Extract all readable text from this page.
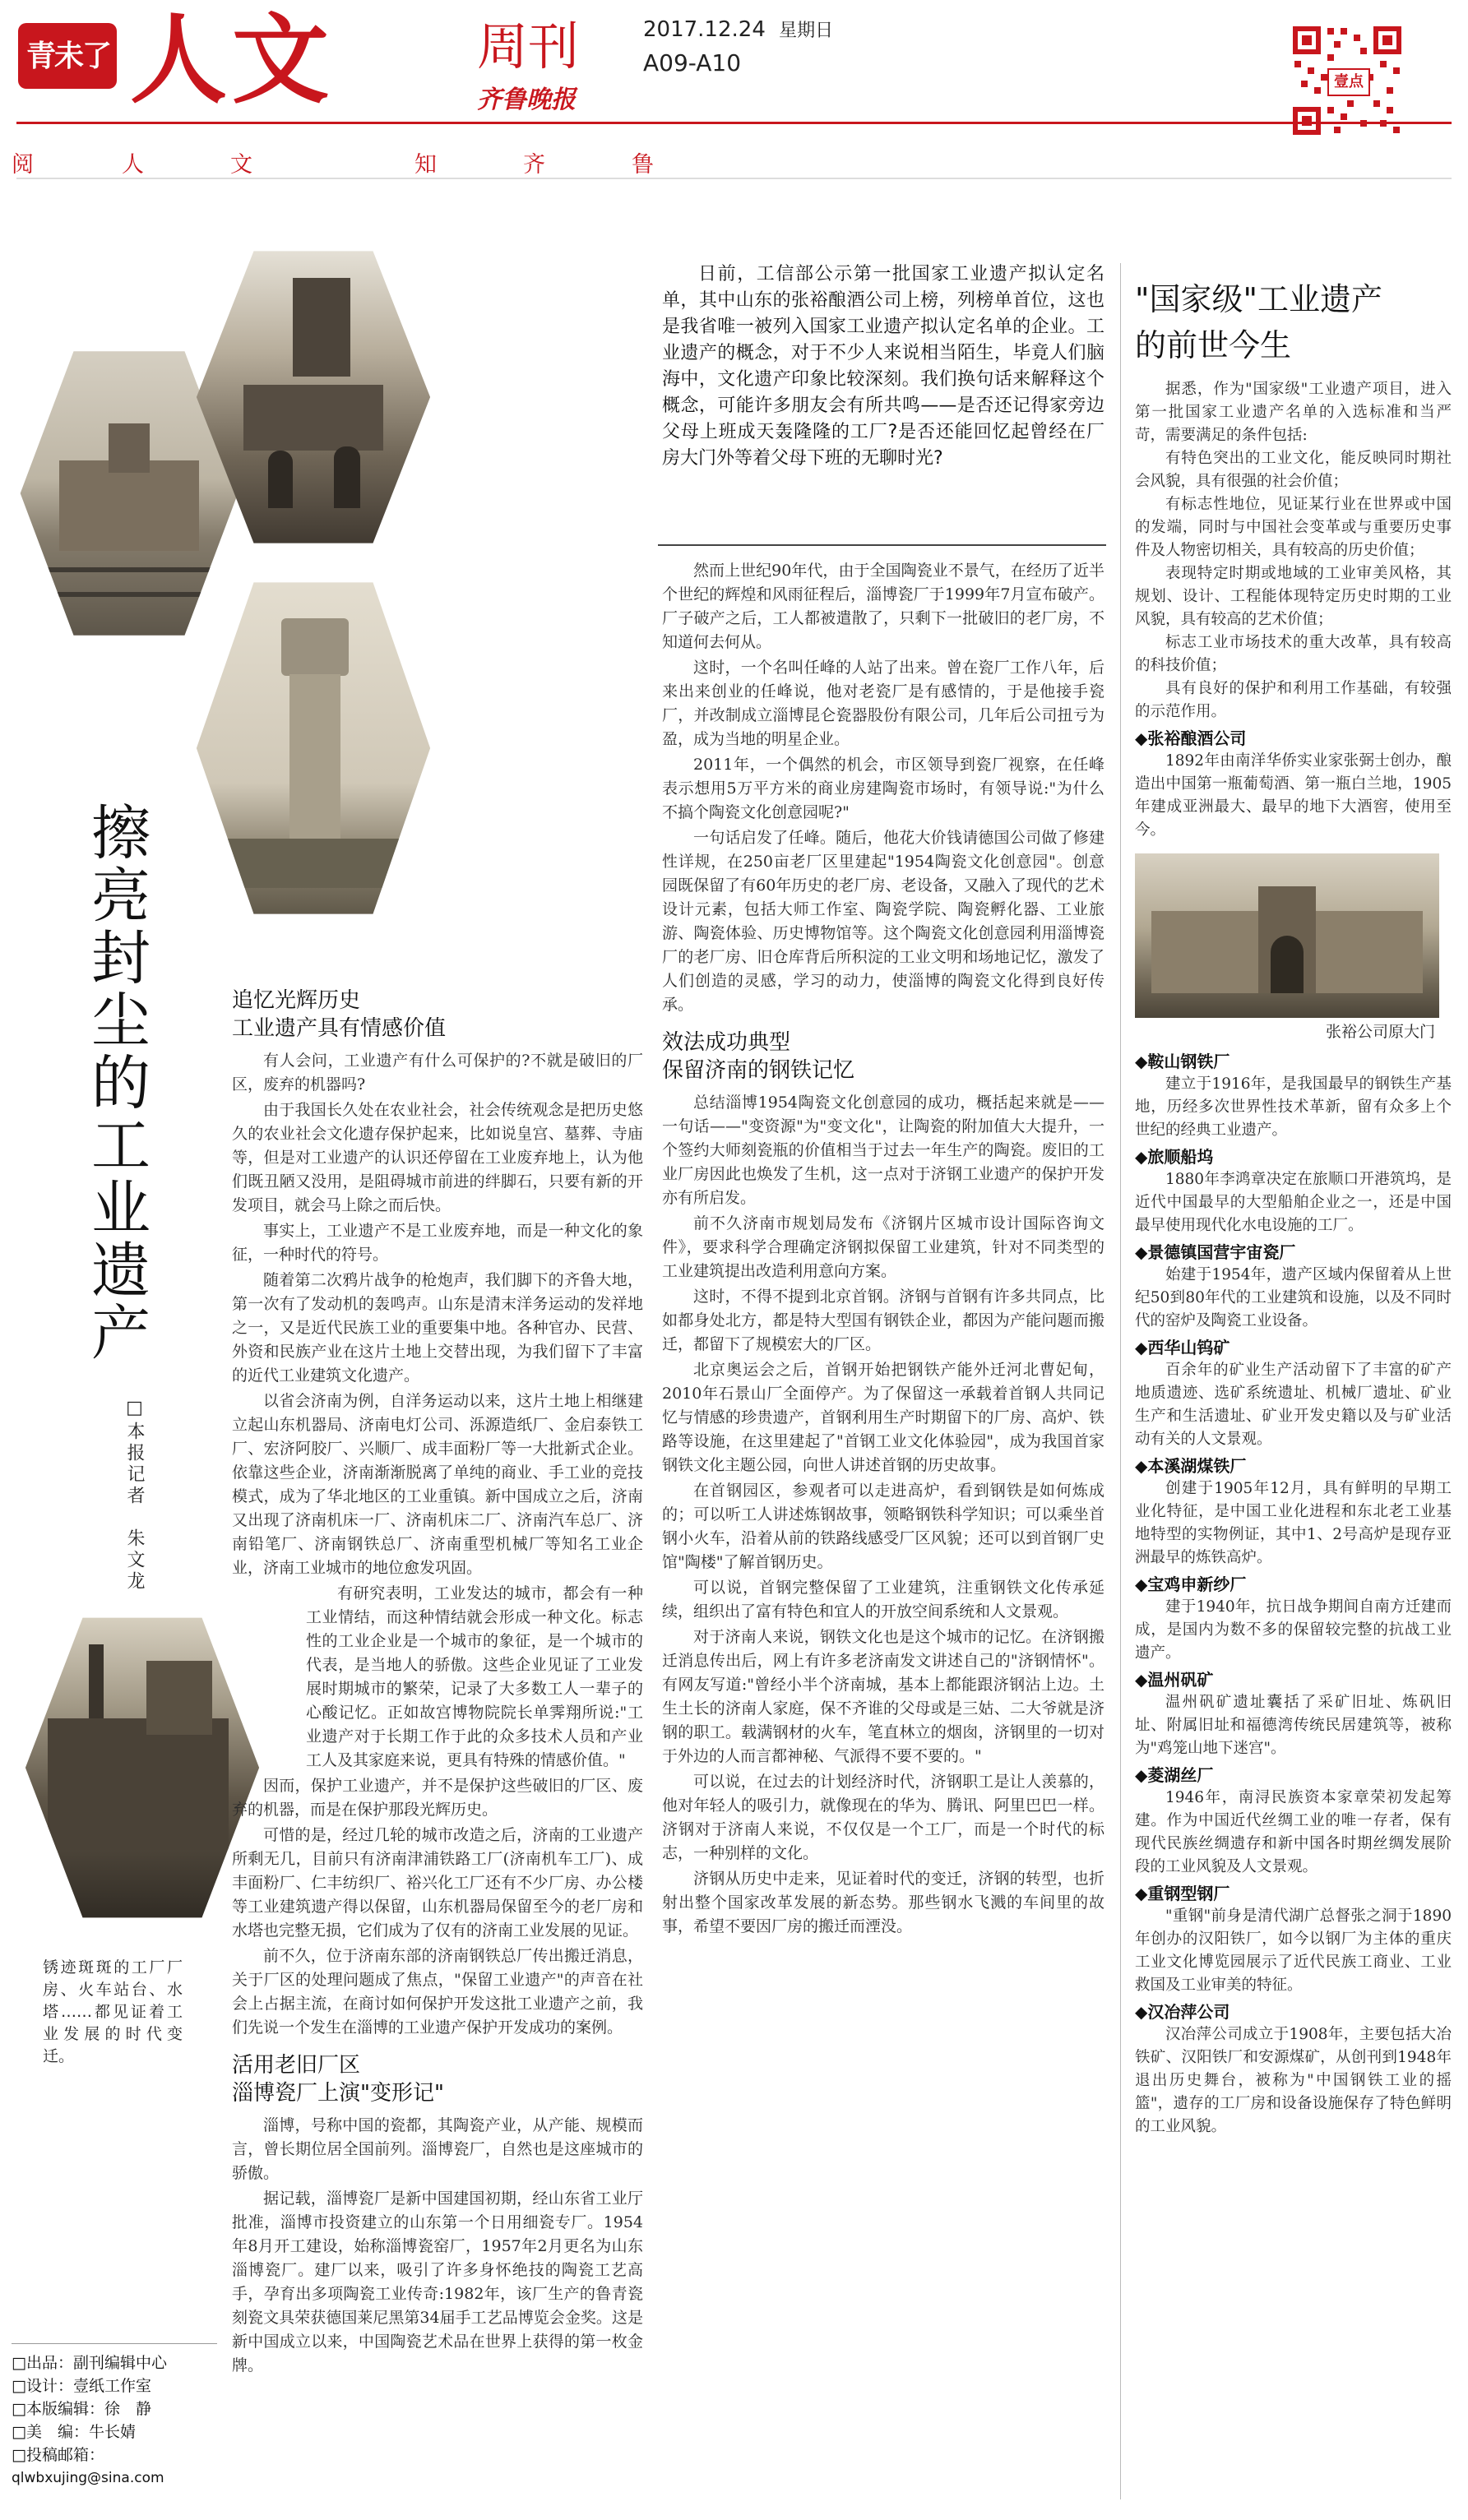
青未了 人文	周刊
齐鲁晚报
2017.12.24 星期日
A09-A10
壹点
阅	人	文	知	齐	鲁
擦亮封尘的工业遗产
□本报记者　朱文龙
锈迹斑斑的工厂厂房、火车站台、水塔……都见证着工业发展的时代变迁。
□出品：副刊编辑中心
□设计：壹纸工作室
□本版编辑：徐　静
□美　编：牛长婧
□投稿邮箱：
qlwbxujing@sina.com
日前，工信部公示第一批国家工业遗产拟认定名单，其中山东的张裕酿酒公司上榜，列榜单首位，这也是我省唯一被列入国家工业遗产拟认定名单的企业。工业遗产的概念，对于不少人来说相当陌生，毕竟人们脑海中，文化遗产印象比较深刻。我们换句话来解释这个概念，可能许多朋友会有所共鸣——是否还记得家旁边父母上班成天轰隆隆的工厂?是否还能回忆起曾经在厂房大门外等着父母下班的无聊时光?
追忆光辉历史
工业遗产具有情感价值

有人会问，工业遗产有什么可保护的?不就是破旧的厂区，废弃的机器吗?

由于我国长久处在农业社会，社会传统观念是把历史悠久的农业社会文化遗存保护起来，比如说皇宫、墓葬、寺庙等，但是对工业遗产的认识还停留在工业废弃地上，认为他们既丑陋又没用，是阻碍城市前进的绊脚石，只要有新的开发项目，就会马上除之而后快。

事实上，工业遗产不是工业废弃地，而是一种文化的象征，一种时代的符号。

随着第二次鸦片战争的枪炮声，我们脚下的齐鲁大地，第一次有了发动机的轰鸣声。山东是清末洋务运动的发祥地之一，又是近代民族工业的重要集中地。各种官办、民营、外资和民族产业在这片土地上交替出现，为我们留下了丰富的近代工业建筑文化遗产。

以省会济南为例，自洋务运动以来，这片土地上相继建立起山东机器局、济南电灯公司、泺源造纸厂、金启泰铁工厂、宏济阿胶厂、兴顺厂、成丰面粉厂等一大批新式企业。依靠这些企业，济南渐渐脱离了单纯的商业、手工业的竞技模式，成为了华北地区的工业重镇。新中国成立之后，济南又出现了济南机床一厂、济南机床二厂、济南汽车总厂、济南铅笔厂、济南钢铁总厂、济南重型机械厂等知名工业企业，济南工业城市的地位愈发巩固。

有研究表明，工业发达的城市，都会有一种工业情结，而这种情结就会形成一种文化。标志性的工业企业是一个城市的象征，是一个城市的代表，是当地人的骄傲。这些企业见证了工业发展时期城市的繁荣，记录了大多数工人一辈子的心酸记忆。正如故宫博物院院长单霁翔所说:"工业遗产对于长期工作于此的众多技术人员和产业工人及其家庭来说，更具有特殊的情感价值。"

因而，保护工业遗产，并不是保护这些破旧的厂区、废弃的机器，而是在保护那段光辉历史。

可惜的是，经过几轮的城市改造之后，济南的工业遗产所剩无几，目前只有济南津浦铁路工厂(济南机车工厂)、成丰面粉厂、仁丰纺织厂、裕兴化工厂还有不少厂房、办公楼等工业建筑遗产得以保留，山东机器局保留至今的老厂房和水塔也完整无损，它们成为了仅有的济南工业发展的见证。

前不久，位于济南东部的济南钢铁总厂传出搬迁消息，关于厂区的处理问题成了焦点，"保留工业遗产"的声音在社会上占据主流，在商讨如何保护开发这批工业遗产之前，我们先说一个发生在淄博的工业遗产保护开发成功的案例。

活用老旧厂区
淄博瓷厂上演"变形记"

淄博，号称中国的瓷都，其陶瓷产业，从产能、规模而言，曾长期位居全国前列。淄博瓷厂，自然也是这座城市的骄傲。

据记载，淄博瓷厂是新中国建国初期，经山东省工业厅批准，淄博市投资建立的山东第一个日用细瓷专厂。1954年8月开工建设，始称淄博瓷窑厂，1957年2月更名为山东淄博瓷厂。建厂以来，吸引了许多身怀绝技的陶瓷工艺高手，孕育出多项陶瓷工业传奇:1982年，该厂生产的鲁青瓷刻瓷文具荣获德国莱尼黑第34届手工艺品博览会金奖。这是新中国成立以来，中国陶瓷艺术品在世界上获得的第一枚金牌。

然而上世纪90年代，由于全国陶瓷业不景气，在经历了近半个世纪的辉煌和风雨征程后，淄博瓷厂于1999年7月宣布破产。厂子破产之后，工人都被遣散了，只剩下一批破旧的老厂房，不知道何去何从。

这时，一个名叫任峰的人站了出来。曾在瓷厂工作八年，后来出来创业的任峰说，他对老瓷厂是有感情的，于是他接手瓷厂，并改制成立淄博昆仑瓷器股份有限公司，几年后公司扭亏为盈，成为当地的明星企业。

2011年，一个偶然的机会，市区领导到瓷厂视察，在任峰表示想用5万平方米的商业房建陶瓷市场时，有领导说:"为什么不搞个陶瓷文化创意园呢?"

一句话启发了任峰。随后，他花大价钱请德国公司做了修建性详规，在250亩老厂区里建起"1954陶瓷文化创意园"。创意园既保留了有60年历史的老厂房、老设备，又融入了现代的艺术设计元素，包括大师工作室、陶瓷学院、陶瓷孵化器、工业旅游、陶瓷体验、历史博物馆等。这个陶瓷文化创意园利用淄博瓷厂的老厂房、旧仓库背后所积淀的工业文明和场地记忆，激发了人们创造的灵感，学习的动力，使淄博的陶瓷文化得到良好传承。

效法成功典型
保留济南的钢铁记忆

总结淄博1954陶瓷文化创意园的成功，概括起来就是——一句话——"变资源"为"变文化"，让陶瓷的附加值大大提升，一个签约大师刻瓷瓶的价值相当于过去一年生产的陶瓷。废旧的工业厂房因此也焕发了生机，这一点对于济钢工业遗产的保护开发亦有所启发。

前不久济南市规划局发布《济钢片区城市设计国际咨询文件》，要求科学合理确定济钢拟保留工业建筑，针对不同类型的工业建筑提出改造利用意向方案。

这时，不得不提到北京首钢。济钢与首钢有许多共同点，比如都身处北方，都是特大型国有钢铁企业，都因为产能问题而搬迁，都留下了规模宏大的厂区。

北京奥运会之后，首钢开始把钢铁产能外迁河北曹妃甸，2010年石景山厂全面停产。为了保留这一承载着首钢人共同记忆与情感的珍贵遗产，首钢利用生产时期留下的厂房、高炉、铁路等设施，在这里建起了"首钢工业文化体验园"，成为我国首家钢铁文化主题公园，向世人讲述首钢的历史故事。

在首钢园区，参观者可以走进高炉，看到钢铁是如何炼成的；可以听工人讲述炼钢故事，领略钢铁科学知识；可以乘坐首钢小火车，沿着从前的铁路线感受厂区风貌；还可以到首钢厂史馆"陶楼"了解首钢历史。

可以说，首钢完整保留了工业建筑，注重钢铁文化传承延续，组织出了富有特色和宜人的开放空间系统和人文景观。

对于济南人来说，钢铁文化也是这个城市的记忆。在济钢搬迁消息传出后，网上有许多老济南发文讲述自己的"济钢情怀"。有网友写道:"曾经小半个济南城，基本上都能跟济钢沾上边。土生土长的济南人家庭，保不齐谁的父母或是三姑、二大爷就是济钢的职工。载满钢材的火车，笔直林立的烟囱，济钢里的一切对于外边的人而言都神秘、气派得不要不要的。"

可以说，在过去的计划经济时代，济钢职工是让人羡慕的，他对年轻人的吸引力，就像现在的华为、腾讯、阿里巴巴一样。济钢对于济南人来说，不仅仅是一个工厂，而是一个时代的标志，一种别样的文化。

济钢从历史中走来，见证着时代的变迁，济钢的转型，也折射出整个国家改革发展的新态势。那些钢水飞溅的车间里的故事，希望不要因厂房的搬迁而湮没。

"国家级"工业遗产的前世今生

据悉，作为"国家级"工业遗产项目，进入第一批国家工业遗产名单的入选标准和当严苛，需要满足的条件包括:

有特色突出的工业文化，能反映同时期社会风貌，具有很强的社会价值；

有标志性地位，见证某行业在世界或中国的发端，同时与中国社会变革或与重要历史事件及人物密切相关，具有较高的历史价值；

表现特定时期或地域的工业审美风格，其规划、设计、工程能体现特定历史时期的工业风貌，具有较高的艺术价值；

标志工业市场技术的重大改革，具有较高的科技价值；

具有良好的保护和利用工作基础，有较强的示范作用。

◆张裕酿酒公司

1892年由南洋华侨实业家张弼士创办，酿造出中国第一瓶葡萄酒、第一瓶白兰地，1905年建成亚洲最大、最早的地下大酒窖，使用至今。

张裕公司原大门
◆鞍山钢铁厂

建立于1916年，是我国最早的钢铁生产基地，历经多次世界性技术革新，留有众多上个世纪的经典工业遗产。

◆旅顺船坞

1880年李鸿章决定在旅顺口开港筑坞，是近代中国最早的大型船舶企业之一，还是中国最早使用现代化水电设施的工厂。

◆景德镇国营宇宙瓷厂

始建于1954年，遗产区域内保留着从上世纪50到80年代的工业建筑和设施，以及不同时代的窑炉及陶瓷工业设备。

◆西华山钨矿

百余年的矿业生产活动留下了丰富的矿产地质遗迹、选矿系统遗址、机械厂遗址、矿业生产和生活遗址、矿业开发史籍以及与矿业活动有关的人文景观。

◆本溪湖煤铁厂

创建于1905年12月，具有鲜明的早期工业化特征，是中国工业化进程和东北老工业基地特型的实物例证，其中1、2号高炉是现存亚洲最早的炼铁高炉。

◆宝鸡申新纱厂

建于1940年，抗日战争期间自南方迁建而成，是国内为数不多的保留较完整的抗战工业遗产。

◆温州矾矿

温州矾矿遗址囊括了采矿旧址、炼矾旧址、附属旧址和福德湾传统民居建筑等，被称为"鸡笼山地下迷宫"。

◆菱湖丝厂

1946年，南浔民族资本家章荣初发起筹建。作为中国近代丝绸工业的唯一存者，保有现代民族丝绸遗存和新中国各时期丝绸发展阶段的工业风貌及人文景观。

◆重钢型钢厂

"重钢"前身是清代湖广总督张之洞于1890年创办的汉阳铁厂，如今以钢厂为主体的重庆工业文化博览园展示了近代民族工商业、工业救国及工业审美的特征。

◆汉冶萍公司

汉冶萍公司成立于1908年，主要包括大冶铁矿、汉阳铁厂和安源煤矿，从创刊到1948年退出历史舞台，被称为"中国钢铁工业的摇篮"，遗存的工厂房和设备设施保存了特色鲜明的工业风貌。
